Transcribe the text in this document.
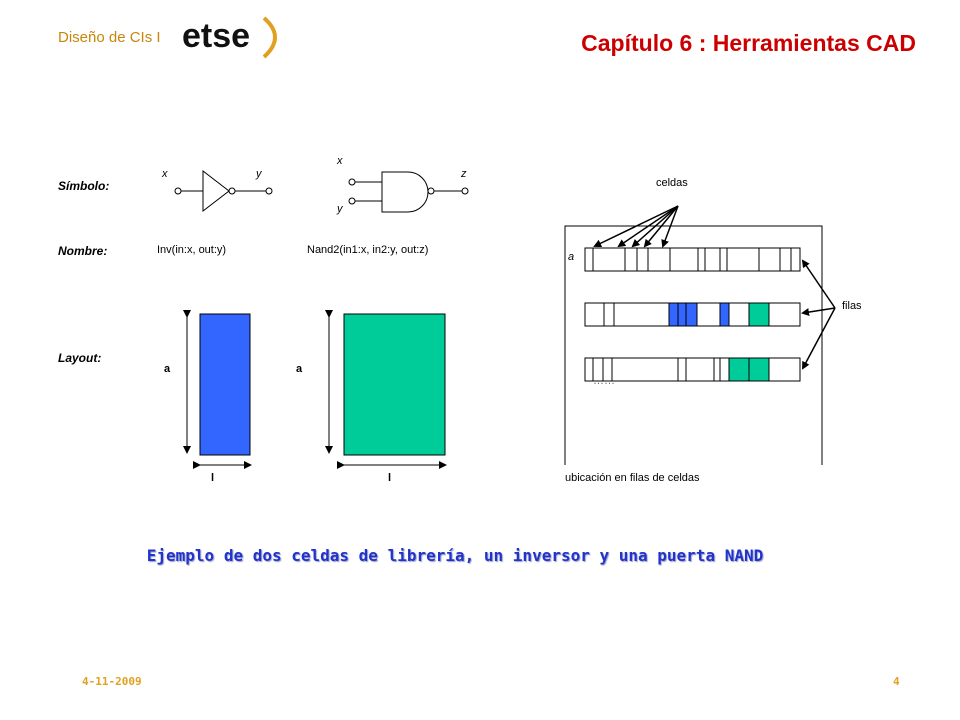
Diseño de CIs I etse	Capítulo 6 : Herramientas CAD
Símbolo:
Nombre:
Layout:
x	y
Inv(in:x, out:y)
x
y
z
Nand2(in1:x, in2:y, out:z)
a
l
a
l
celdas
a
filas
ubicación en filas de celdas
Ejemplo de dos celdas de librería, un inversor y una puerta NAND
4-11-2009	4
